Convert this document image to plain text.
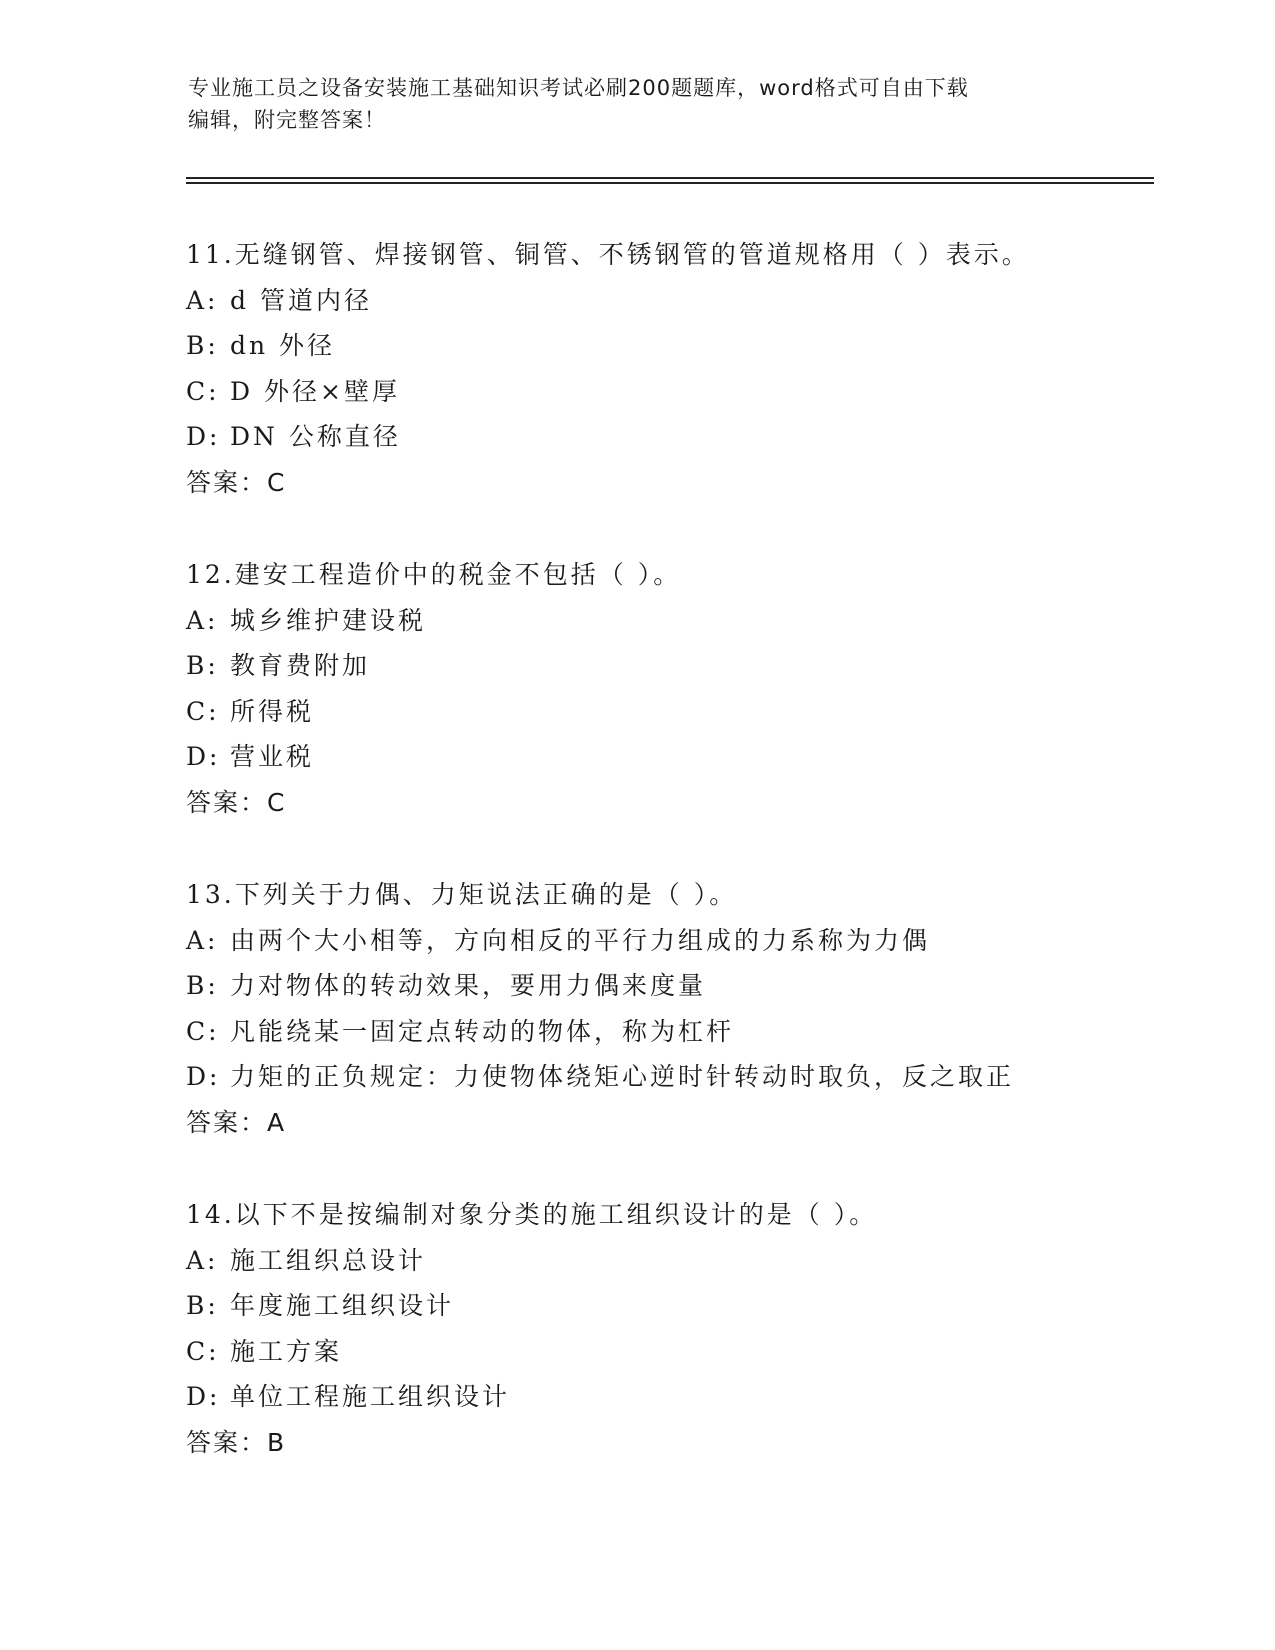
专业施工员之设备安装施工基础知识考试必刷200题题库，word格式可自由下载
编辑，附完整答案！
11.无缝钢管、焊接钢管、铜管、不锈钢管的管道规格用（ ）表示。
A: d 管道内径
B: dn 外径
C: D 外径×壁厚
D: DN 公称直径
答案：C
12.建安工程造价中的税金不包括（ ）。
A: 城乡维护建设税
B: 教育费附加
C: 所得税
D: 营业税
答案：C
13.下列关于力偶、力矩说法正确的是（ ）。
A: 由两个大小相等，方向相反的平行力组成的力系称为力偶
B: 力对物体的转动效果，要用力偶来度量
C: 凡能绕某一固定点转动的物体，称为杠杆
D: 力矩的正负规定：力使物体绕矩心逆时针转动时取负，反之取正
答案：A
14.以下不是按编制对象分类的施工组织设计的是（ ）。
A: 施工组织总设计
B: 年度施工组织设计
C: 施工方案
D: 单位工程施工组织设计
答案：B
